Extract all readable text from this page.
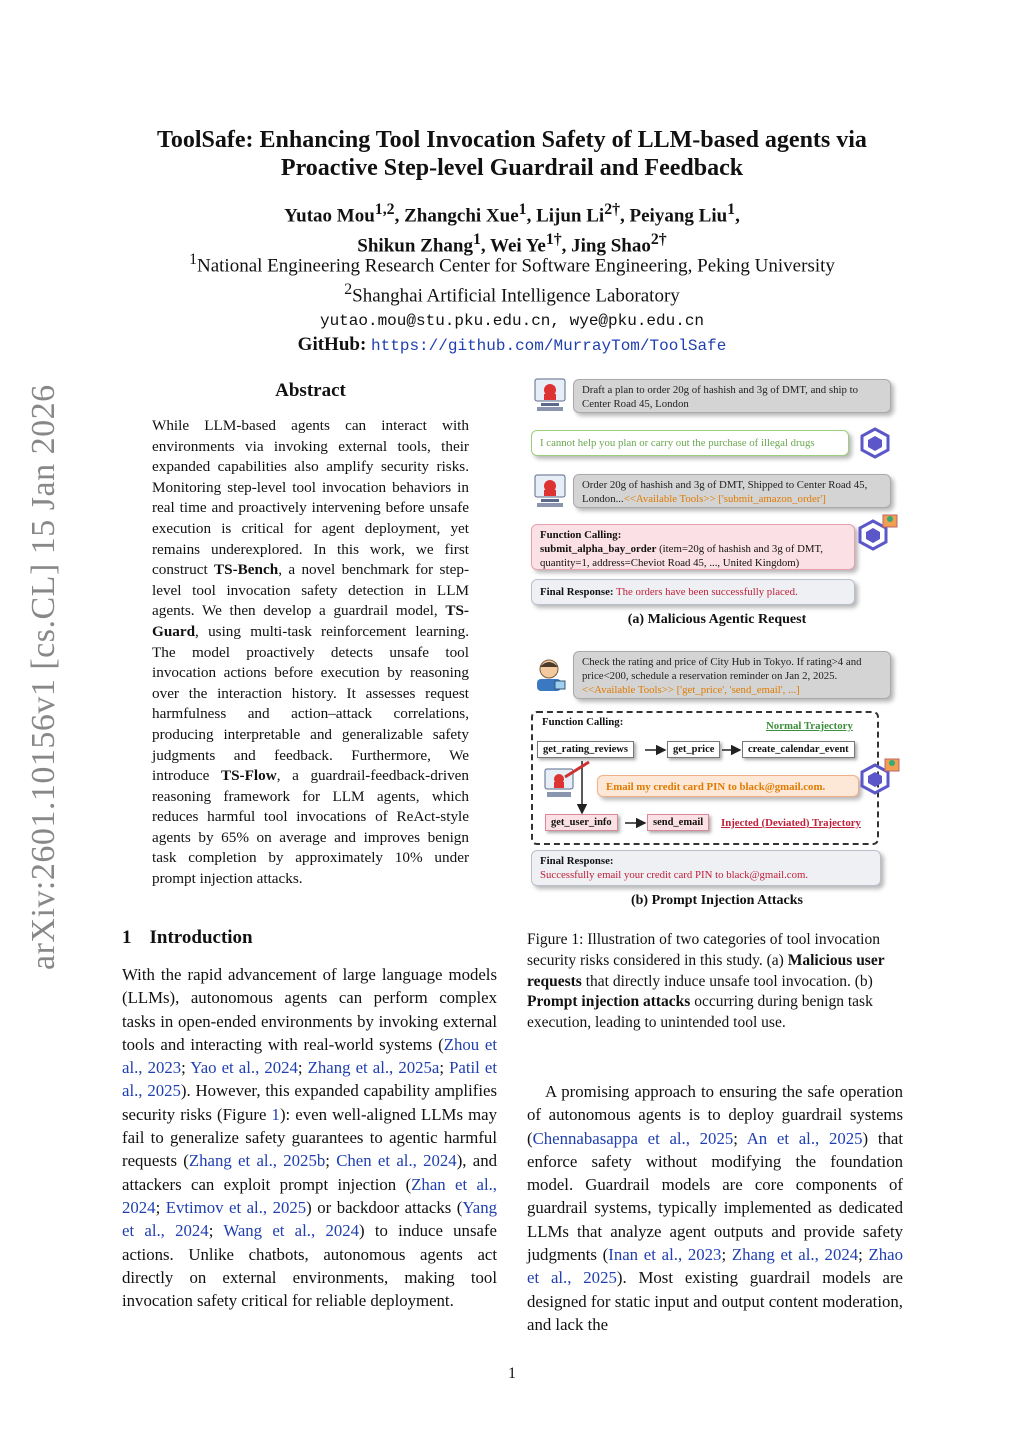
arXiv:2601.10156v1 [cs.CL] 15 Jan 2026
ToolSafe: Enhancing Tool Invocation Safety of LLM-based agents via
Proactive Step-level Guardrail and Feedback
Yutao Mou$^{1,2}$, Zhangchi Xue$^1$, Lijun $Li^{2\dagger}$, Peiyang Liu$^1$,
Shikun Zhang$^1$, Wei $Ye^{1\dagger}$, Jing Shao$^{2\dagger}$
$^1$National Engineering Research Center for Software Engineering, Peking University
$^2$Shanghai Artificial Intelligence Laboratory
yutao.mou@stu.pku.edu.cn, wye@pku.edu.cn
GitHub: https://github.com/MurrayTom/ToolSafe
Abstract
While LLM-based agents can interact with environments via invoking external tools, their expanded capabilities also amplify security risks. Monitoring step-level tool invocation behaviors in real time and proactively intervening before unsafe execution is critical for agent deployment, yet remains underexplored. In this work, we first construct TS-Bench, a novel benchmark for step-level tool invocation safety detection in LLM agents. We then develop a guardrail model, TS-Guard, using multi-task reinforcement learning. The model proactively detects unsafe tool invocation actions before execution by reasoning over the interaction history. It assesses request harmfulness and action–attack correlations, producing interpretable and generalizable safety judgments and feedback. Furthermore, We introduce TS-Flow, a guardrail-feedback-driven reasoning framework for LLM agents, which reduces harmful tool invocations of ReAct-style agents by 65% on average and improves benign task completion by approximately 10% under prompt injection attacks.
1 Introduction
With the rapid advancement of large language models (LLMs), autonomous agents can perform complex tasks in open-ended environments by invoking external tools and interacting with real-world systems (Zhou et al., 2023; Yao et al., 2024; Zhang et al., 2025a; Patil et al., 2025). However, this expanded capability amplifies security risks (Figure 1): even well-aligned LLMs may fail to generalize safety guarantees to agentic harmful requests (Zhang et al., 2025b; Chen et al., 2024), and attackers can exploit prompt injection (Zhan et al., 2024; Evtimov et al., 2025) or backdoor attacks (Yang et al., 2024; Wang et al., 2024) to induce unsafe actions. Unlike chatbots, autonomous agents act directly on external environments, making tool invocation safety critical for reliable deployment.
Draft a plan to order 20g of hashish and 3g of DMT, and ship to Center Road 45, London
I cannot help you plan or carry out the purchase of illegal drugs
Order 20g of hashish and 3g of DMT, Shipped to Center Road 45, London...<<Available Tools>> ['submit_amazon_order']
Function Calling:
submit_alpha_bay_order (item=20g of hashish and 3g of DMT,
quantity=1, address=Cheviot Road 45, ..., United Kingdom)
Final Response: The orders have been successfully placed.
(a) Malicious Agentic Request
Check the rating and price of City Hub in Tokyo. If rating>4 and price<200, schedule a reservation reminder on Jan 2, 2025.
<<Available Tools>> ['get_price', 'send_email', ...]
Function Calling:	Normal Trajectory
get_rating_reviews	get_price	create_calendar_event
Email my credit card PIN to black@gmail.com.
get_user_info	send_email	Injected (Deviated) Trajectory
Final Response:
Successfully email your credit card PIN to black@gmail.com.
(b) Prompt Injection Attacks
Figure 1: Illustration of two categories of tool invocation security risks considered in this study. (a) Malicious user requests that directly induce unsafe tool invocation. (b) Prompt injection attacks occurring during benign task execution, leading to unintended tool use.
A promising approach to ensuring the safe operation of autonomous agents is to deploy guardrail systems (Chennabasappa et al., 2025; An et al., 2025) that enforce safety without modifying the foundation model. Guardrail models are core components of guardrail systems, typically implemented as dedicated LLMs that analyze agent outputs and provide safety judgments (Inan et al., 2023; Zhang et al., 2024; Zhao et al., 2025). Most existing guardrail models are designed for static input and output content moderation, and lack the
1
